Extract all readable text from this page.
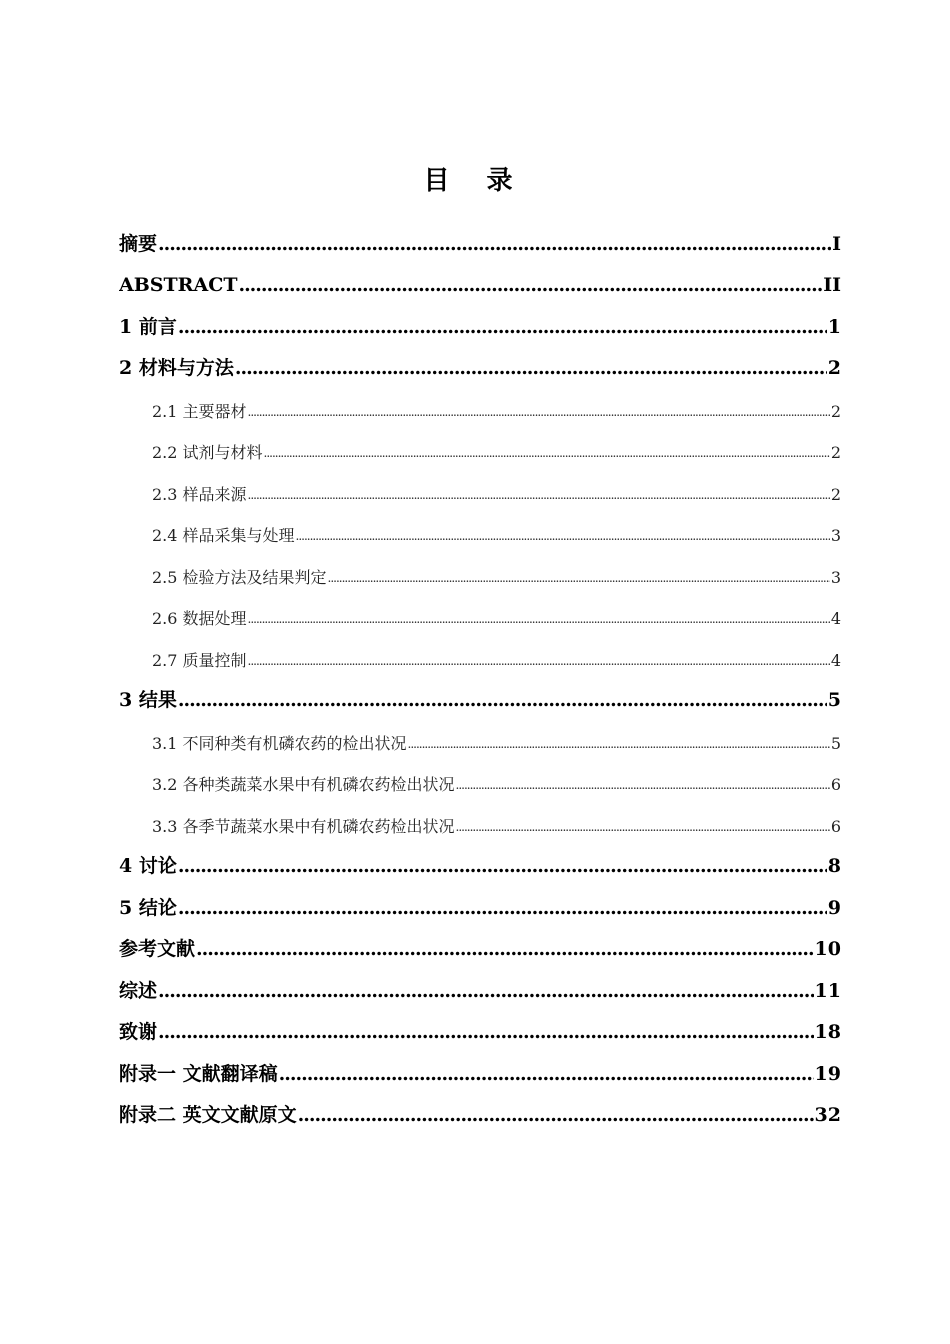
目 录
摘要 .....	I
ABSTRACT .....	II
1 前言 .....	1
2 材料与方法 .....	2
2.1 主要器材 .....	2
2.2 试剂与材料 .....	2
2.3 样品来源 .....	2
2.4 样品采集与处理 .....	3
2.5 检验方法及结果判定 .....	3
2.6 数据处理 .....	4
2.7 质量控制 .....	4
3 结果 .....	5
3.1 不同种类有机磷农药的检出状况 .....	5
3.2 各种类蔬菜水果中有机磷农药检出状况 .....	6
3.3 各季节蔬菜水果中有机磷农药检出状况 .....	6
4 讨论 .....	8
5 结论 .....	9
参考文献 .....	10
综述 .....	11
致谢 .....	18
附录一 文献翻译稿 .....	19
附录二 英文文献原文 .....	32
